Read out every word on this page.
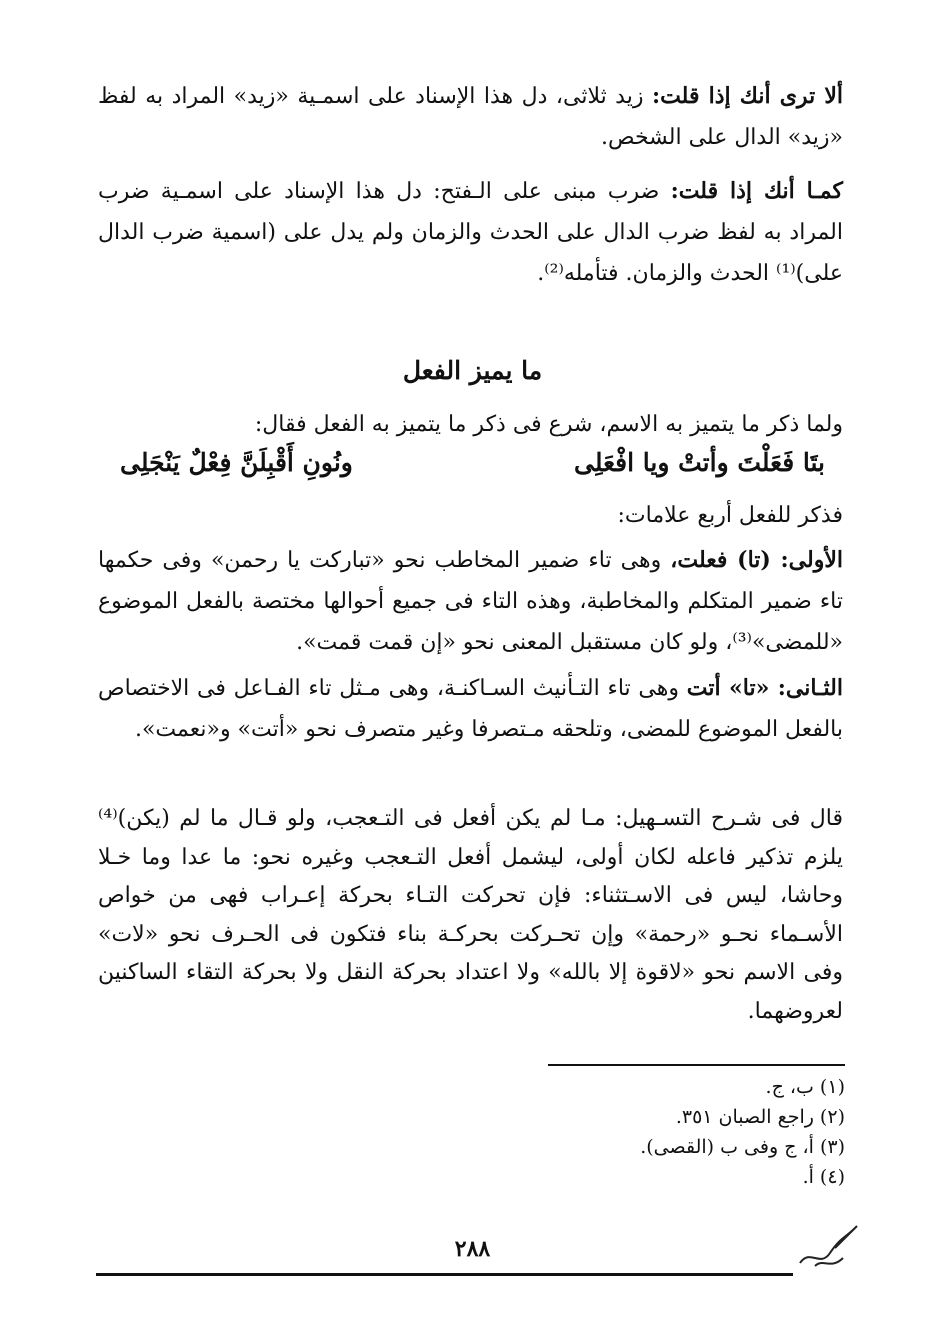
ألا ترى أنك إذا قلت: زيد ثلاثى، دل هذا الإسناد على اسمـية «زيد» المراد به لفظ «زيد» الدال على الشخص.
كمـا أنك إذا قلت: ضرب مبنى على الـفتح: دل هذا الإسناد على اسمـية ضرب المراد به لفظ ضرب الدال على الحدث والزمان ولم يدل على (اسمية ضرب الدال على)⁽¹⁾ الحدث والزمان. فتأمله⁽²⁾.
ما يميز الفعل
ولما ذكر ما يتميز به الاسم، شرع فى ذكر ما يتميز به الفعل فقال:
بتَا فَعَلْتَ وأتتْ ويا افْعَلِى
ونُونِ أَقْبِلَنَّ فِعْلٌ يَنْجَلِى
فذكر للفعل أربع علامات:
الأولى: (تا) فعلت، وهى تاء ضمير المخاطب نحو «تباركت يا رحمن» وفى حكمها تاء ضمير المتكلم والمخاطبة، وهذه التاء فى جميع أحوالها مختصة بالفعل الموضوع «للمضى»⁽³⁾، ولو كان مستقبل المعنى نحو «إن قمت قمت».
الثـانى: «تا» أتت وهى تاء التـأنيث السـاكنـة، وهى مـثل تاء الفـاعل فى الاختصاص بالفعل الموضوع للمضى، وتلحقه مـتصرفا وغير متصرف نحو «أتت» و«نعمت».
قال فى شـرح التسـهيل: مـا لم يكن أفعل فى التـعجب، ولو قـال ما لم (يكن)⁽⁴⁾ يلزم تذكير فاعله لكان أولى، ليشمل أفعل التـعجب وغيره نحو: ما عدا وما خـلا وحاشا، ليس فى الاسـتثناء: فإن تحركت التـاء بحركة إعـراب فهى من خواص الأسـماء نحـو «رحمة» وإن تحـركت بحركـة بناء فتكون فى الحـرف نحو «لات» وفى الاسم نحو «لاقوة إلا بالله» ولا اعتداد بحركة النقل ولا بحركة التقاء الساكنين لعروضهما.
(١) ب، ج.
(٢) راجع الصبان ٣٥١.
(٣) أ، ج وفى ب (القصى).
(٤) أ.
٢٨٨
